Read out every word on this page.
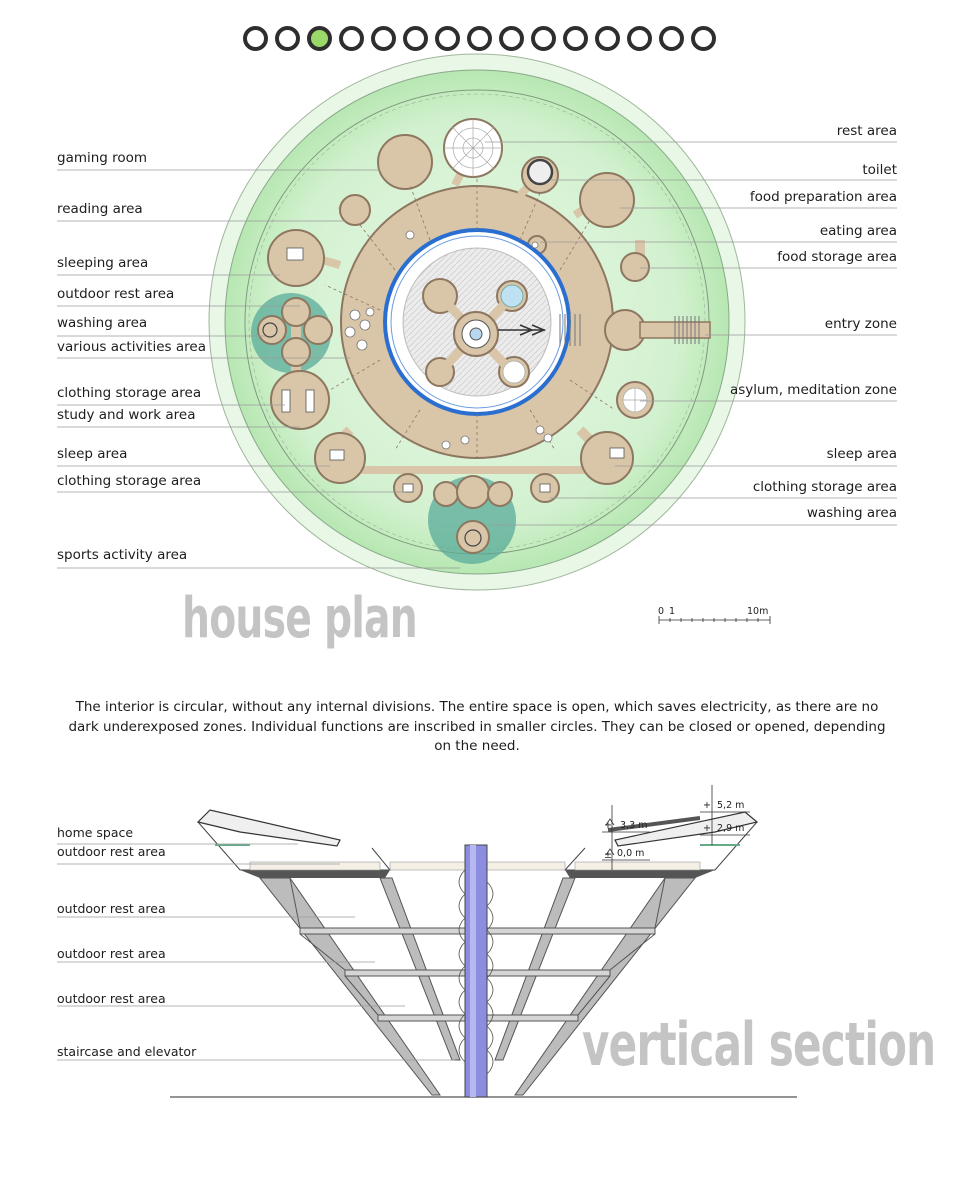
0 1	10m
gaming room
reading area
sleeping area
outdoor rest area
washing area
various activities area
clothing storage area
study and work area
sleep area
clothing storage area
sports activity area
rest area
toilet
food preparation area
eating area
food storage area
entry zone
asylum, meditation zone
sleep area
clothing storage area
washing area
house plan
The interior is circular, without any internal divisions. The entire space is open, which saves electricity, as there are no dark underexposed zones. Individual functions are inscribed in smaller circles. They can be closed or opened, depending on the need.
+ 3,3 m
± 0,0 m
+ 5,2 m
+ 2,9 m
home space
outdoor rest area
outdoor rest area
outdoor rest area
outdoor rest area
staircase and elevator	vertical section
